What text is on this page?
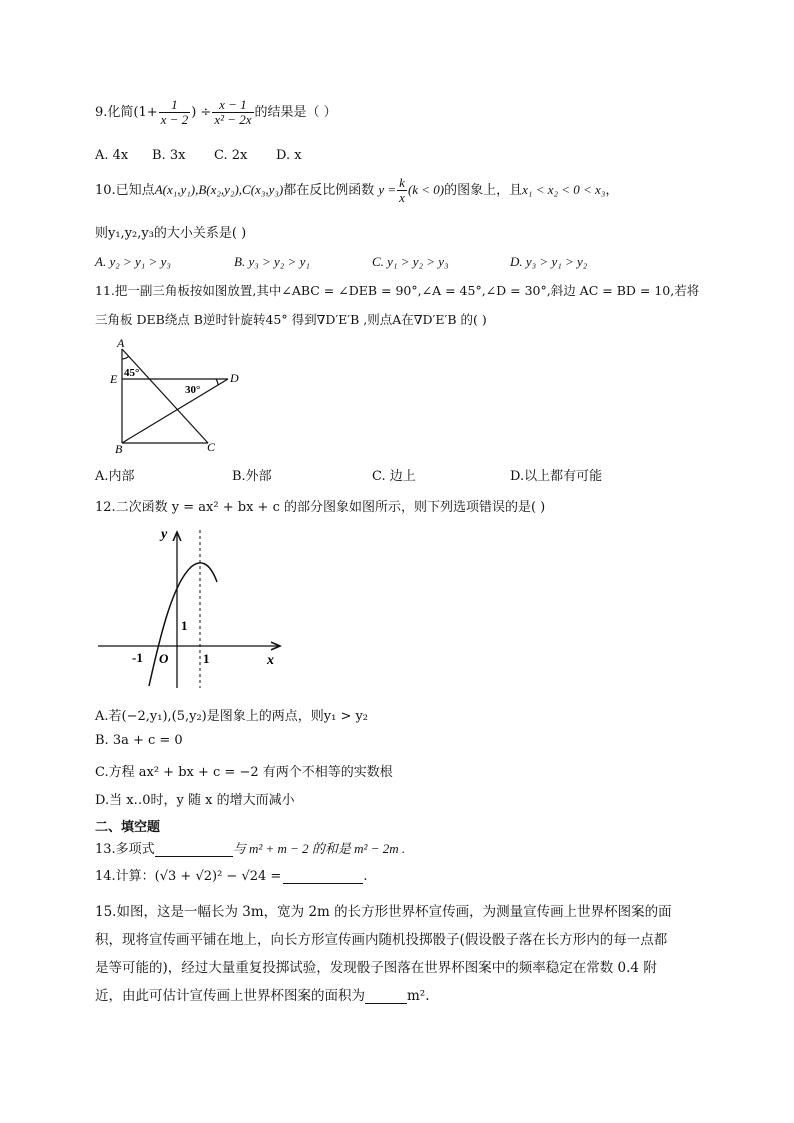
9.化简($1+ \frac{1}{x - 2}$ ) ÷ $\frac{x - 1}{\text{x² − 2x}}$ 的结果是（ ）
A. 4x B. 3x C. 2x D. x
10.已知点A(x₁,y₁),B(x₂,y₂),C(x₃,y₃)都在反比例函数 $y = \frac{k}{x} (k < 0)$的图象上，且x₁ < x₂ < 0 < x₃，
则y₁,y₂,y₃的大小关系是( )
A. y₂ > y₁ > y₃	B. y₃ > y₂ > y₁	C. y₁ > y₂ > y₃	D. y₃ > y₁ > y₂
11.把一副三角板按如图放置,其中∠ABC = ∠DEB = 90°,∠A = 45°,∠D = 30°,斜边 AC = BD = 10,若将
三角板 DEB绕点 B逆时针旋转45° 得到∇D′E′B ,则点A在∇D′E′B 的( )
A
E	D
B	C
45°
30°
A.内部	B.外部	C. 边上	D.以上都有可能
12.二次函数 y = ax² + bx + c 的部分图象如图所示，则下列选项错误的是( )
y
x
1
-1 O	1
A.若(−2,y₁),(5,y₂)是图象上的两点，则y₁ > y₂
B. 3a + c = 0
C.方程 ax² + bx + c = −2 有两个不相等的实数根
D.当 x‥0时，y 随 x 的增大而减小
二、填空题
13.多项式	与 m² + m − 2 的和是 m² − 2m .
14.计算：(√3 + √2)² − √24 =	.
15.如图，这是一幅长为 3m，宽为 2m 的长方形世界杯宣传画，为测量宣传画上世界杯图案的面
积，现将宣传画平铺在地上，向长方形宣传画内随机投掷骰子(假设骰子落在长方形内的每一点都
是等可能的)，经过大量重复投掷试验，发现骰子图落在世界杯图案中的频率稳定在常数 0.4 附
近，由此可估计宣传画上世界杯图案的面积为	m².
